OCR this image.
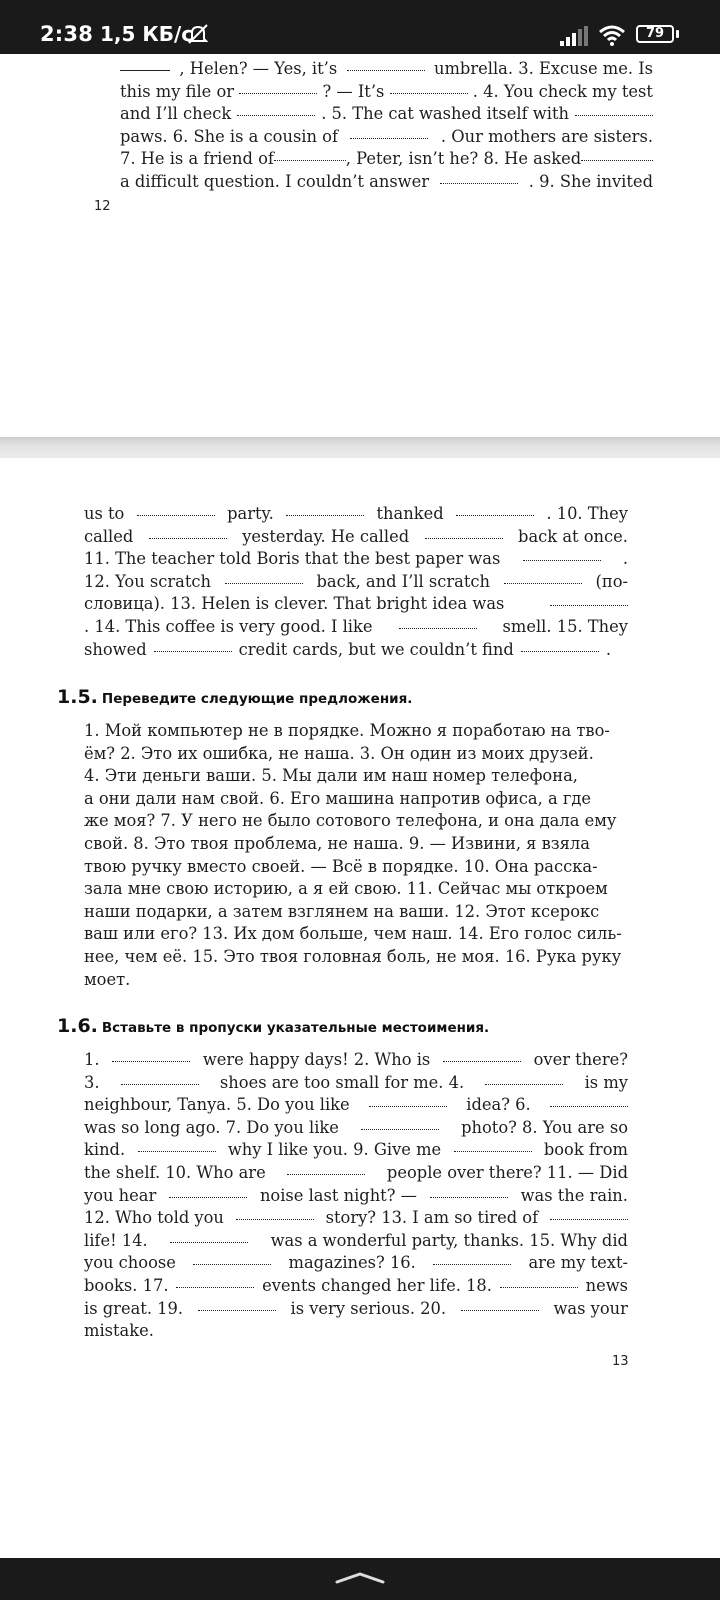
2:38 1,5 КБ/с	79
, Helen? — Yes, it’s	umbrella. 3. Excuse me. Is
this my file or	? — It’s	. 4. You check my test
and I’ll check	. 5. The cat washed itself with
paws. 6. She is a cousin of	. Our mothers are sisters.
7. He is a friend of	, Peter, isn’t he? 8. He asked
a difficult question. I couldn’t answer	. 9. She invited
12
us to	party.	thanked	. 10. They
called	yesterday. He called	back at once.
11. The teacher told Boris that the best paper was	.
12. You scratch	back, and I’ll scratch	(по-
словица). 13. Helen is clever. That bright idea was
. 14. This coffee is very good. I like	smell. 15. They
showed	credit cards, but we couldn’t find	.
1.5. Переведите следующие предложения.
1. Мой компьютер не в порядке. Можно я поработаю на тво-
ём? 2. Это их ошибка, не наша. 3. Он один из моих друзей.
4. Эти деньги ваши. 5. Мы дали им наш номер телефона,
а они дали нам свой. 6. Его машина напротив офиса, а где
же моя? 7. У него не было сотового телефона, и она дала ему
свой. 8. Это твоя проблема, не наша. 9. — Извини, я взяла
твою ручку вместо своей. — Всё в порядке. 10. Она расска-
зала мне свою историю, а я ей свою. 11. Сейчас мы откроем
наши подарки, а затем взглянем на ваши. 12. Этот ксерокс
ваш или его? 13. Их дом больше, чем наш. 14. Его голос силь-
нее, чем её. 15. Это твоя головная боль, не моя. 16. Рука руку
моет.
1.6. Вставьте в пропуски указательные местоимения.
1.	were happy days! 2. Who is	over there?
3.	shoes are too small for me. 4.	is my
neighbour, Tanya. 5. Do you like	idea? 6.
was so long ago. 7. Do you like	photo? 8. You are so
kind.	why I like you. 9. Give me	book from
the shelf. 10. Who are	people over there? 11. — Did
you hear	noise last night? —	was the rain.
12. Who told you	story? 13. I am so tired of
life! 14.	was a wonderful party, thanks. 15. Why did
you choose	magazines? 16.	are my text-
books. 17.	events changed her life. 18.	news
is great. 19.	is very serious. 20.	was your
mistake.
13
